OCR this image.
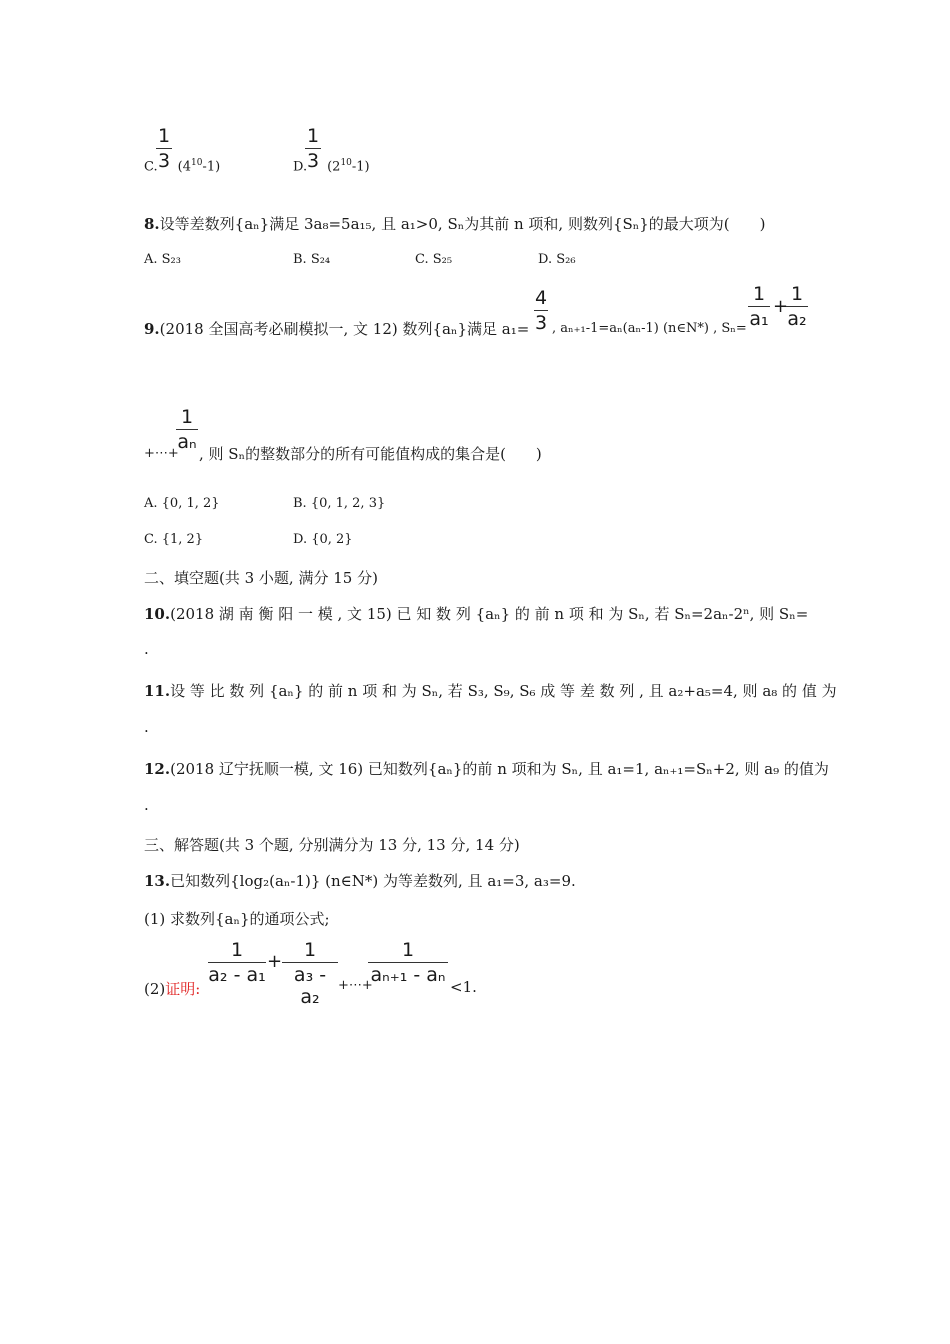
1
3
C. $(4^{10}-1)$
1
3
D. $(2^{10}-1)$
8.设等差数列{aₙ}满足 3a₈=5a₁₅, 且 a₁>0, Sₙ为其前 n 项和, 则数列{Sₙ}的最大项为(　　)
A. S₂₃	B. S₂₄	C. S₂₅	D. S₂₆
9.(2018 全国高考必刷模拟一, 文 12) 数列{aₙ}满足 a₁=
4
3 , aₙ₊₁-1=aₙ(aₙ-1) (n∈N*) , Sₙ=
1
a₁
+
1
a₂
+⋯+
1
aₙ
, 则 Sₙ的整数部分的所有可能值构成的集合是(　　)
A. {0, 1, 2}	B. {0, 1, 2, 3}
C. {1, 2}	D. {0, 2}
二、填空题(共 3 小题, 满分 15 分)
10.(2018 湖 南 衡 阳 一 模 , 文 15) 已 知 数 列 {aₙ} 的 前 n 项 和 为 Sₙ, 若 Sₙ=2aₙ-2ⁿ, 则 Sₙ=
.
11.设 等 比 数 列 {aₙ} 的 前 n 项 和 为 Sₙ, 若 S₃, S₉, S₆ 成 等 差 数 列 , 且 a₂+a₅=4, 则 a₈ 的 值 为
.
12.(2018 辽宁抚顺一模, 文 16) 已知数列{aₙ}的前 n 项和为 Sₙ, 且 a₁=1, aₙ₊₁=Sₙ+2, 则 a₉ 的值为
.
三、解答题(共 3 个题, 分别满分为 13 分, 13 分, 14 分)
13.已知数列{log₂(aₙ-1)} (n∈N*) 为等差数列, 且 a₁=3, a₃=9.
(1) 求数列{aₙ}的通项公式;
(2)证明:
1
a₂ - a₁
+
1
a₃ - a₂
+⋯+
1
aₙ₊₁ - aₙ
<1.
